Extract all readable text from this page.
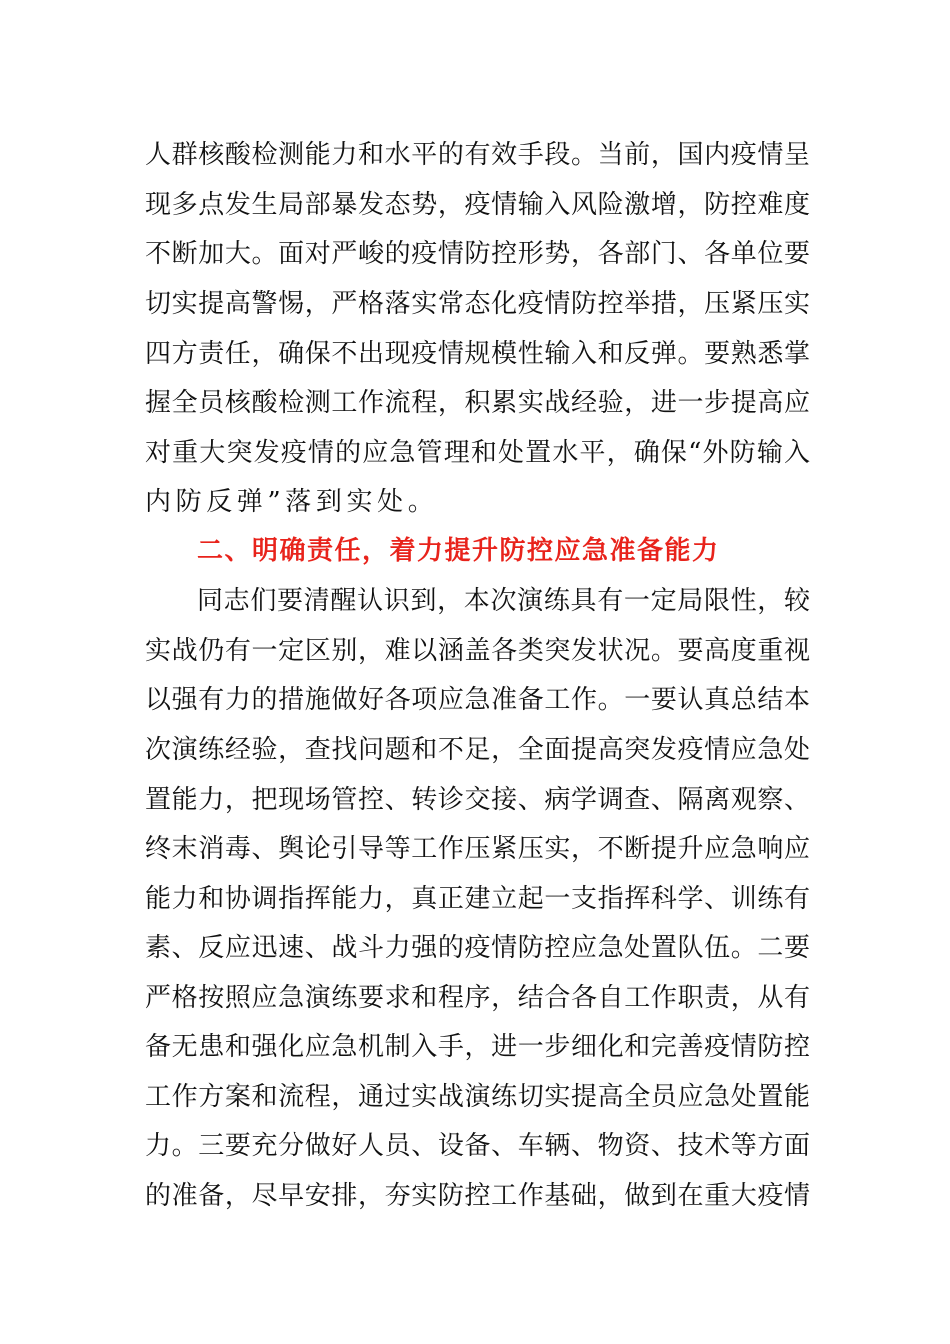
人群核酸检测能力和水平的有效手段。当前，国内疫情呈
现多点发生局部暴发态势，疫情输入风险激增，防控难度
不断加大。面对严峻的疫情防控形势，各部门、各单位要
切实提高警惕，严格落实常态化疫情防控举措，压紧压实
四方责任，确保不出现疫情规模性输入和反弹。要熟悉掌
握全员核酸检测工作流程，积累实战经验，进一步提高应
对重大突发疫情的应急管理和处置水平，确保“外防输入
内防反弹”落到实处。
二、明确责任，着力提升防控应急准备能力
同志们要清醒认识到，本次演练具有一定局限性，较
实战仍有一定区别，难以涵盖各类突发状况。要高度重视
以强有力的措施做好各项应急准备工作。一要认真总结本
次演练经验，查找问题和不足，全面提高突发疫情应急处
置能力，把现场管控、转诊交接、病学调查、隔离观察、
终末消毒、舆论引导等工作压紧压实，不断提升应急响应
能力和协调指挥能力，真正建立起一支指挥科学、训练有
素、反应迅速、战斗力强的疫情防控应急处置队伍。二要
严格按照应急演练要求和程序，结合各自工作职责，从有
备无患和强化应急机制入手，进一步细化和完善疫情防控
工作方案和流程，通过实战演练切实提高全员应急处置能
力。三要充分做好人员、设备、车辆、物资、技术等方面
的准备，尽早安排，夯实防控工作基础，做到在重大疫情
